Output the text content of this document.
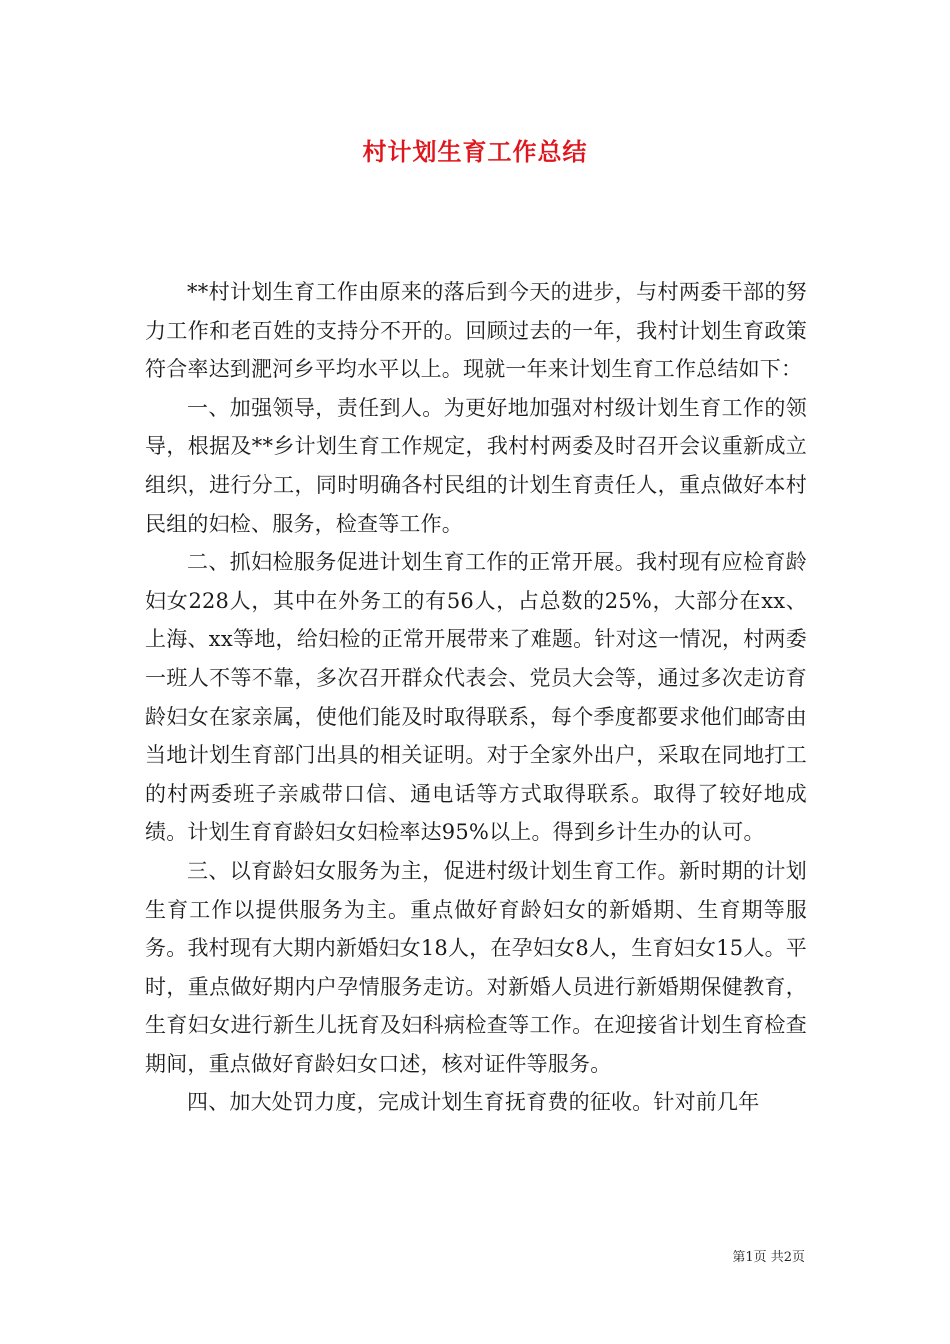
村计划生育工作总结

**村计划生育工作由原来的落后到今天的进步，与村两委干部的努力工作和老百姓的支持分不开的。回顾过去的一年，我村计划生育政策符合率达到淝河乡平均水平以上。现就一年来计划生育工作总结如下：

一、加强领导，责任到人。为更好地加强对村级计划生育工作的领导，根据及**乡计划生育工作规定，我村村两委及时召开会议重新成立组织，进行分工，同时明确各村民组的计划生育责任人，重点做好本村民组的妇检、服务，检查等工作。

二、抓妇检服务促进计划生育工作的正常开展。我村现有应检育龄妇女228人，其中在外务工的有56人，占总数的25%，大部分在xx、上海、xx等地，给妇检的正常开展带来了难题。针对这一情况，村两委一班人不等不靠，多次召开群众代表会、党员大会等，通过多次走访育龄妇女在家亲属，使他们能及时取得联系，每个季度都要求他们邮寄由当地计划生育部门出具的相关证明。对于全家外出户，采取在同地打工的村两委班子亲戚带口信、通电话等方式取得联系。取得了较好地成绩。计划生育育龄妇女妇检率达95%以上。得到乡计生办的认可。

三、以育龄妇女服务为主，促进村级计划生育工作。新时期的计划生育工作以提供服务为主。重点做好育龄妇女的新婚期、生育期等服务。我村现有大期内新婚妇女18人，在孕妇女8人，生育妇女15人。平时，重点做好期内户孕情服务走访。对新婚人员进行新婚期保健教育，生育妇女进行新生儿抚育及妇科病检查等工作。在迎接省计划生育检查期间，重点做好育龄妇女口述，核对证件等服务。

四、加大处罚力度，完成计划生育抚育费的征收。针对前几年

第1页 共2页
